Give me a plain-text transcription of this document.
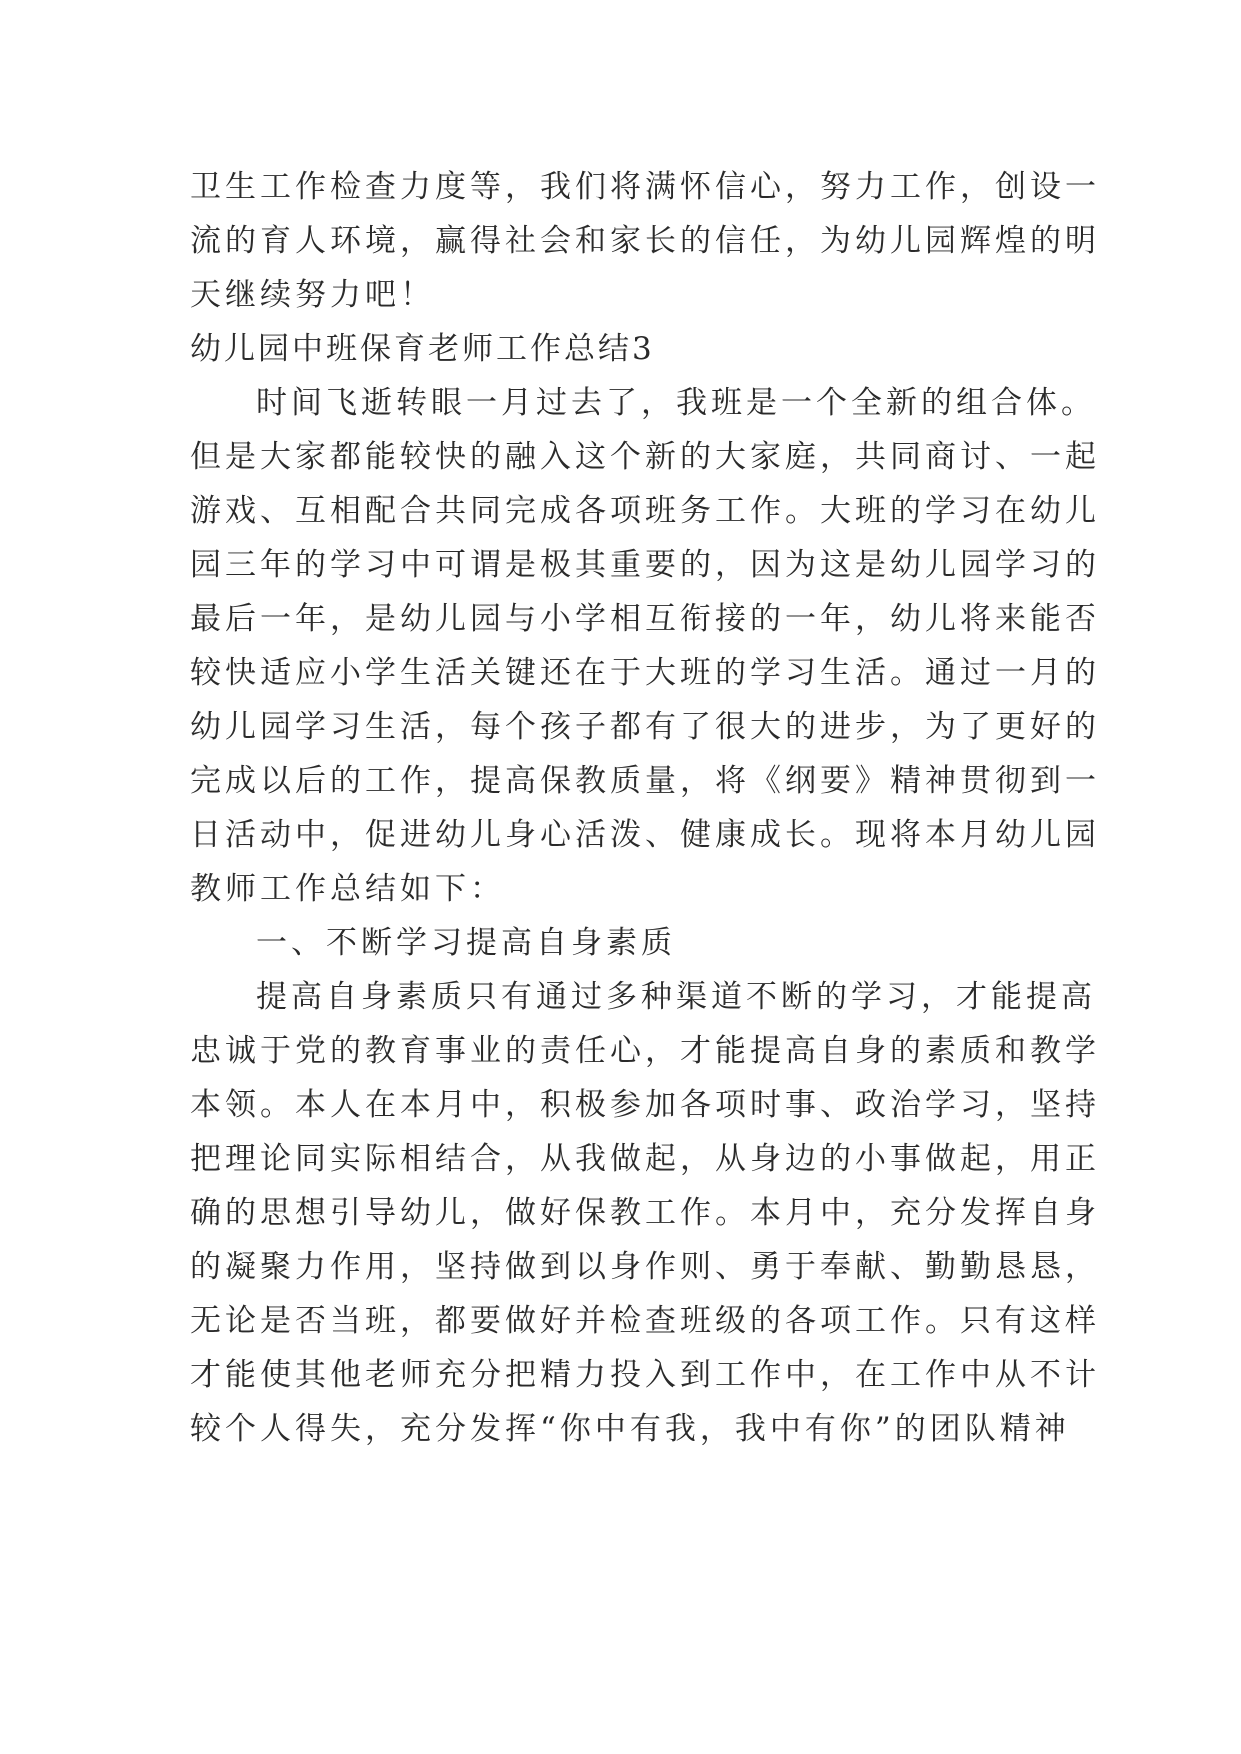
卫生工作检查力度等，我们将满怀信心，努力工作，创设一
流的育人环境，赢得社会和家长的信任，为幼儿园辉煌的明
天继续努力吧！
幼儿园中班保育老师工作总结3
时间飞逝转眼一月过去了，我班是一个全新的组合体。
但是大家都能较快的融入这个新的大家庭，共同商讨、一起
游戏、互相配合共同完成各项班务工作。大班的学习在幼儿
园三年的学习中可谓是极其重要的，因为这是幼儿园学习的
最后一年，是幼儿园与小学相互衔接的一年，幼儿将来能否
较快适应小学生活关键还在于大班的学习生活。通过一月的
幼儿园学习生活，每个孩子都有了很大的进步，为了更好的
完成以后的工作，提高保教质量，将《纲要》精神贯彻到一
日活动中，促进幼儿身心活泼、健康成长。现将本月幼儿园
教师工作总结如下：
一、不断学习提高自身素质
提高自身素质只有通过多种渠道不断的学习，才能提高
忠诚于党的教育事业的责任心，才能提高自身的素质和教学
本领。本人在本月中，积极参加各项时事、政治学习，坚持
把理论同实际相结合，从我做起，从身边的小事做起，用正
确的思想引导幼儿，做好保教工作。本月中，充分发挥自身
的凝聚力作用，坚持做到以身作则、勇于奉献、勤勤恳恳，
无论是否当班，都要做好并检查班级的各项工作。只有这样
才能使其他老师充分把精力投入到工作中，在工作中从不计
较个人得失，充分发挥“你中有我，我中有你”的团队精神
